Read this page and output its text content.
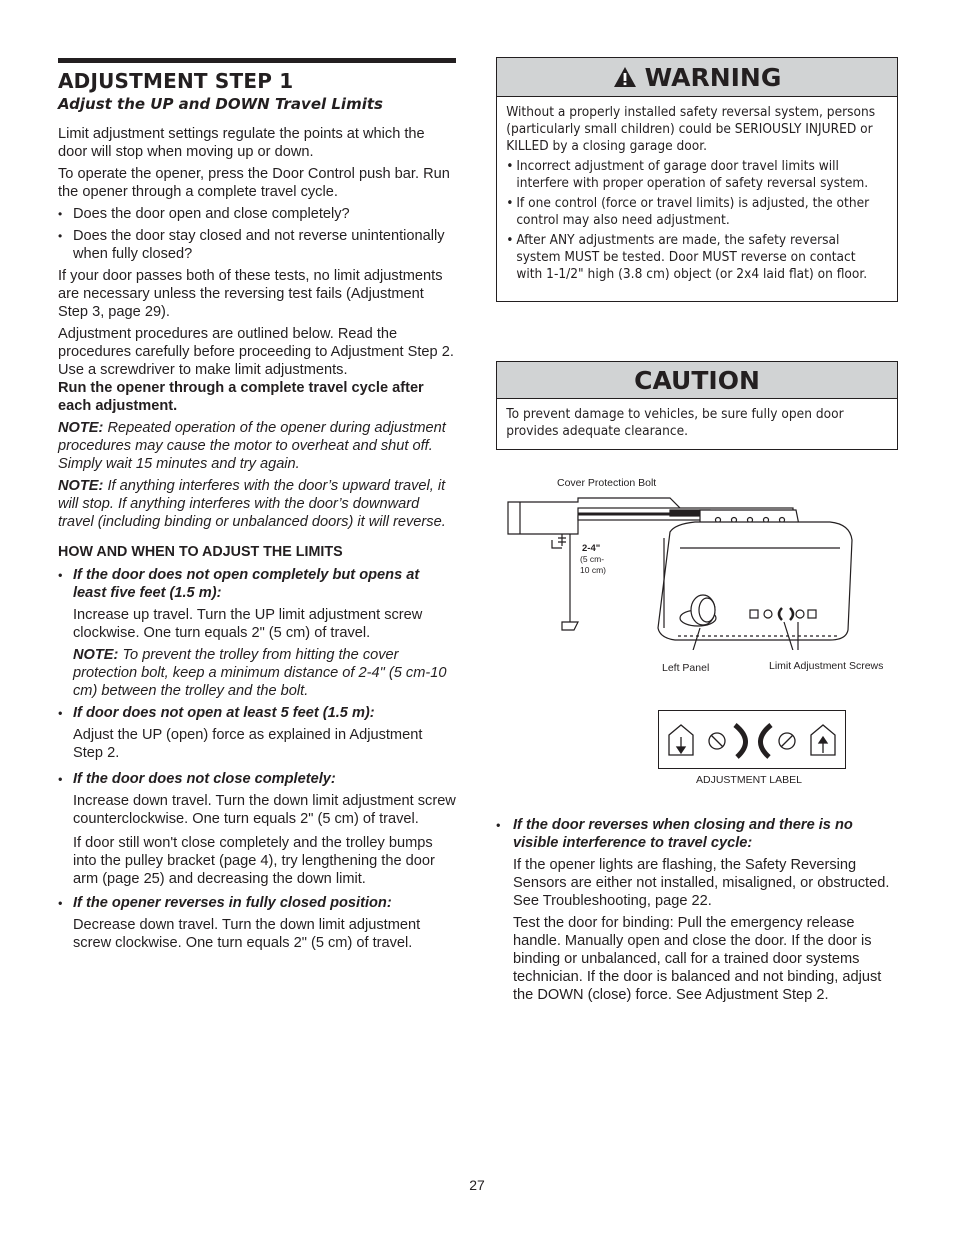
ADJUSTMENT STEP 1
Adjust the UP and DOWN Travel Limits

Limit adjustment settings regulate the points at which the door will stop when moving up or down.

To operate the opener, press the Door Control push bar. Run the opener through a complete travel cycle.

• Does the door open and close completely?
• Does the door stay closed and not reverse unintentionally when fully closed?

If your door passes both of these tests, no limit adjustments are necessary unless the reversing test fails (Adjustment Step 3, page 29).

Adjustment procedures are outlined below. Read the procedures carefully before proceeding to Adjustment Step 2. Use a screwdriver to make limit adjustments.

Run the opener through a complete travel cycle after each adjustment.

NOTE: Repeated operation of the opener during adjustment procedures may cause the motor to overheat and shut off. Simply wait 15 minutes and try again.

NOTE: If anything interferes with the door’s upward travel, it will stop. If anything interferes with the door’s downward travel (including binding or unbalanced doors) it will reverse.

HOW AND WHEN TO ADJUST THE LIMITS
• If the door does not open completely but opens at least five feet (1.5 m):

Increase up travel. Turn the UP limit adjustment screw clockwise. One turn equals 2" (5 cm) of travel.

NOTE: To prevent the trolley from hitting the cover protection bolt, keep a minimum distance of 2-4" (5 cm-10 cm) between the trolley and the bolt.

• If door does not open at least 5 feet (1.5 m):

Adjust the UP (open) force as explained in Adjustment Step 2.

• If the door does not close completely:

Increase down travel. Turn the down limit adjustment screw counterclockwise. One turn equals 2" (5 cm) of travel.

If door still won't close completely and the trolley bumps into the pulley bracket (page 4), try lengthening the door arm (page 25) and decreasing the down limit.

• If the opener reverses in fully closed position:

Decrease down travel. Turn the down limit adjustment screw clockwise. One turn equals 2" (5 cm) of travel.

WARNING

Without a properly installed safety reversal system, persons (particularly small children) could be SERIOUSLY INJURED or KILLED by a closing garage door.

• Incorrect adjustment of garage door travel limits will interfere with proper operation of safety reversal system.
• If one control (force or travel limits) is adjusted, the other control may also need adjustment.
• After ANY adjustments are made, the safety reversal system MUST be tested. Door MUST reverse on contact with 1-1/2" high (3.8 cm) object (or 2x4 laid flat) on floor.
CAUTION

To prevent damage to vehicles, be sure fully open door provides adequate clearance.

Cover Protection Bolt
2-4"
(5 cm-
10 cm)
Left Panel	Limit Adjustment Screws
ADJUSTMENT LABEL
• If the door reverses when closing and there is no visible interference to travel cycle:

If the opener lights are flashing, the Safety Reversing Sensors are either not installed, misaligned, or obstructed. See Troubleshooting, page 22.

Test the door for binding: Pull the emergency release handle. Manually open and close the door. If the door is binding or unbalanced, call for a trained door systems technician. If the door is balanced and not binding, adjust the DOWN (close) force. See Adjustment Step 2.

27
